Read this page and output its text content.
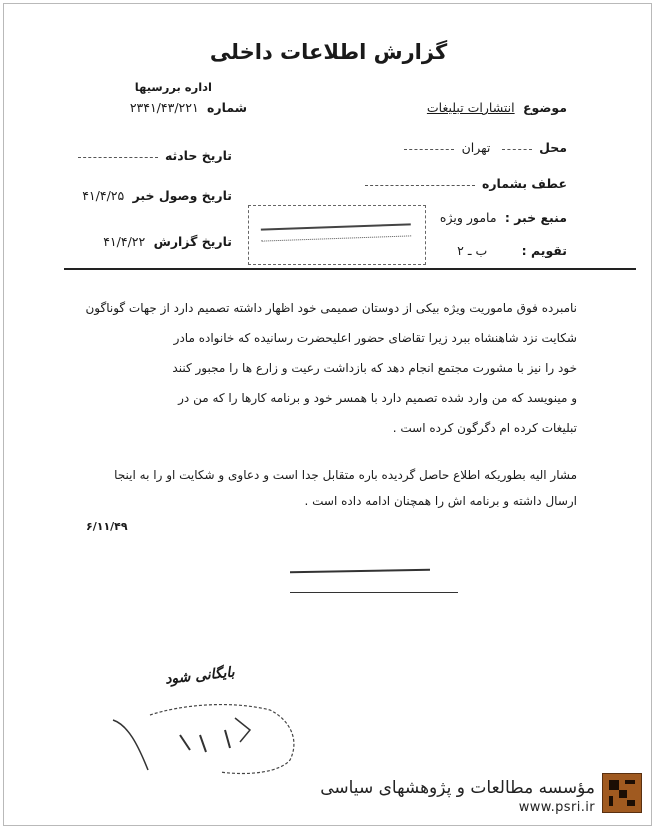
گزارش اطلاعات داخلی
موضوع انتشارات تبلیغات
محل  تهران
عطف بشماره
منبع خبر : مامور ویژه
تقویم : ب ـ ۲
اداره بررسیها
شماره ۲۳۴۱/۴۳/۲۲۱
تاریخ حادثه
تاریخ وصول خبر ۴۱/۴/۲۵
تاریخ گزارش ۴۱/۴/۲۲
نامبرده فوق ماموریت ویژه بیکی از دوستان صمیمی خود اظهار داشته تصمیم دارد از جهات گوناگون
شکایت نزد شاهنشاه ببرد زیرا تقاضای حضور اعلیحضرت رسانیده که خانواده مادر
خود را نیز با مشورت مجتمع انجام دهد که بازداشت رعیت و زارع ها را مجبور کنند
و مینویسد که من وارد شده تصمیم دارد با همسر خود و برنامه کارها را که من در
تبلیغات کرده ام دگرگون کرده است .
مشار الیه بطوریکه اطلاع حاصل گردیده باره متقابل جدا است و دعاوی و شکایت او را به اینجا
ارسال داشته و برنامه اش را همچنان ادامه داده است .
۶/۱۱/۴۹
بایگانی شود
مؤسسه مطالعات و پژوهشهای سیاسی
www.psri.ir
